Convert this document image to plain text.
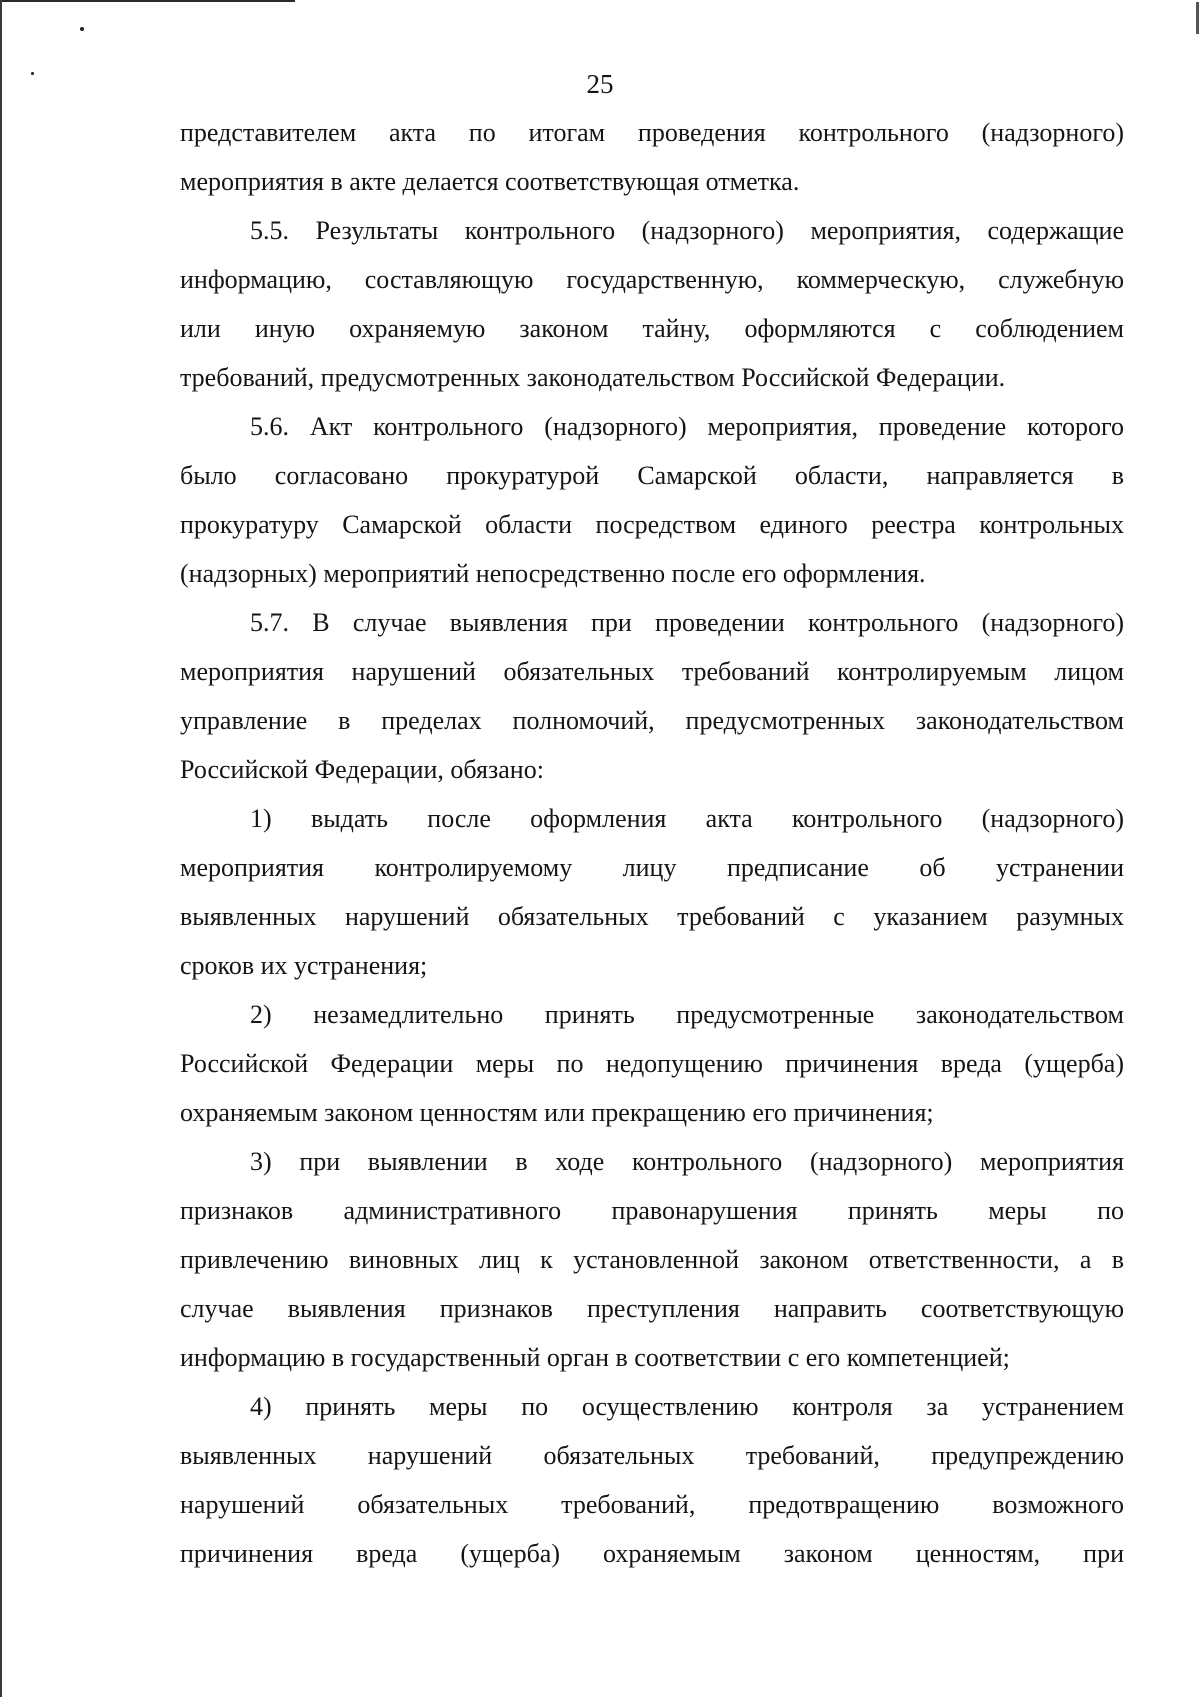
25
представителем акта по итогам проведения контрольного (надзорного)
мероприятия в акте делается соответствующая отметка.
5.5. Результаты контрольного (надзорного) мероприятия, содержащие
информацию, составляющую государственную, коммерческую, служебную
или иную охраняемую законом тайну, оформляются с соблюдением
требований, предусмотренных законодательством Российской Федерации.
5.6. Акт контрольного (надзорного) мероприятия, проведение которого
было согласовано прокуратурой Самарской области, направляется в
прокуратуру Самарской области посредством единого реестра контрольных
(надзорных) мероприятий непосредственно после его оформления.
5.7. В случае выявления при проведении контрольного (надзорного)
мероприятия нарушений обязательных требований контролируемым лицом
управление в пределах полномочий, предусмотренных законодательством
Российской Федерации, обязано:
1) выдать после оформления акта контрольного (надзорного)
мероприятия контролируемому лицу предписание об устранении
выявленных нарушений обязательных требований с указанием разумных
сроков их устранения;
2) незамедлительно принять предусмотренные законодательством
Российской Федерации меры по недопущению причинения вреда (ущерба)
охраняемым законом ценностям или прекращению его причинения;
3) при выявлении в ходе контрольного (надзорного) мероприятия
признаков административного правонарушения принять меры по
привлечению виновных лиц к установленной законом ответственности, а в
случае выявления признаков преступления направить соответствующую
информацию в государственный орган в соответствии с его компетенцией;
4) принять меры по осуществлению контроля за устранением
выявленных нарушений обязательных требований, предупреждению
нарушений обязательных требований, предотвращению возможного
причинения вреда (ущерба) охраняемым законом ценностям, при
